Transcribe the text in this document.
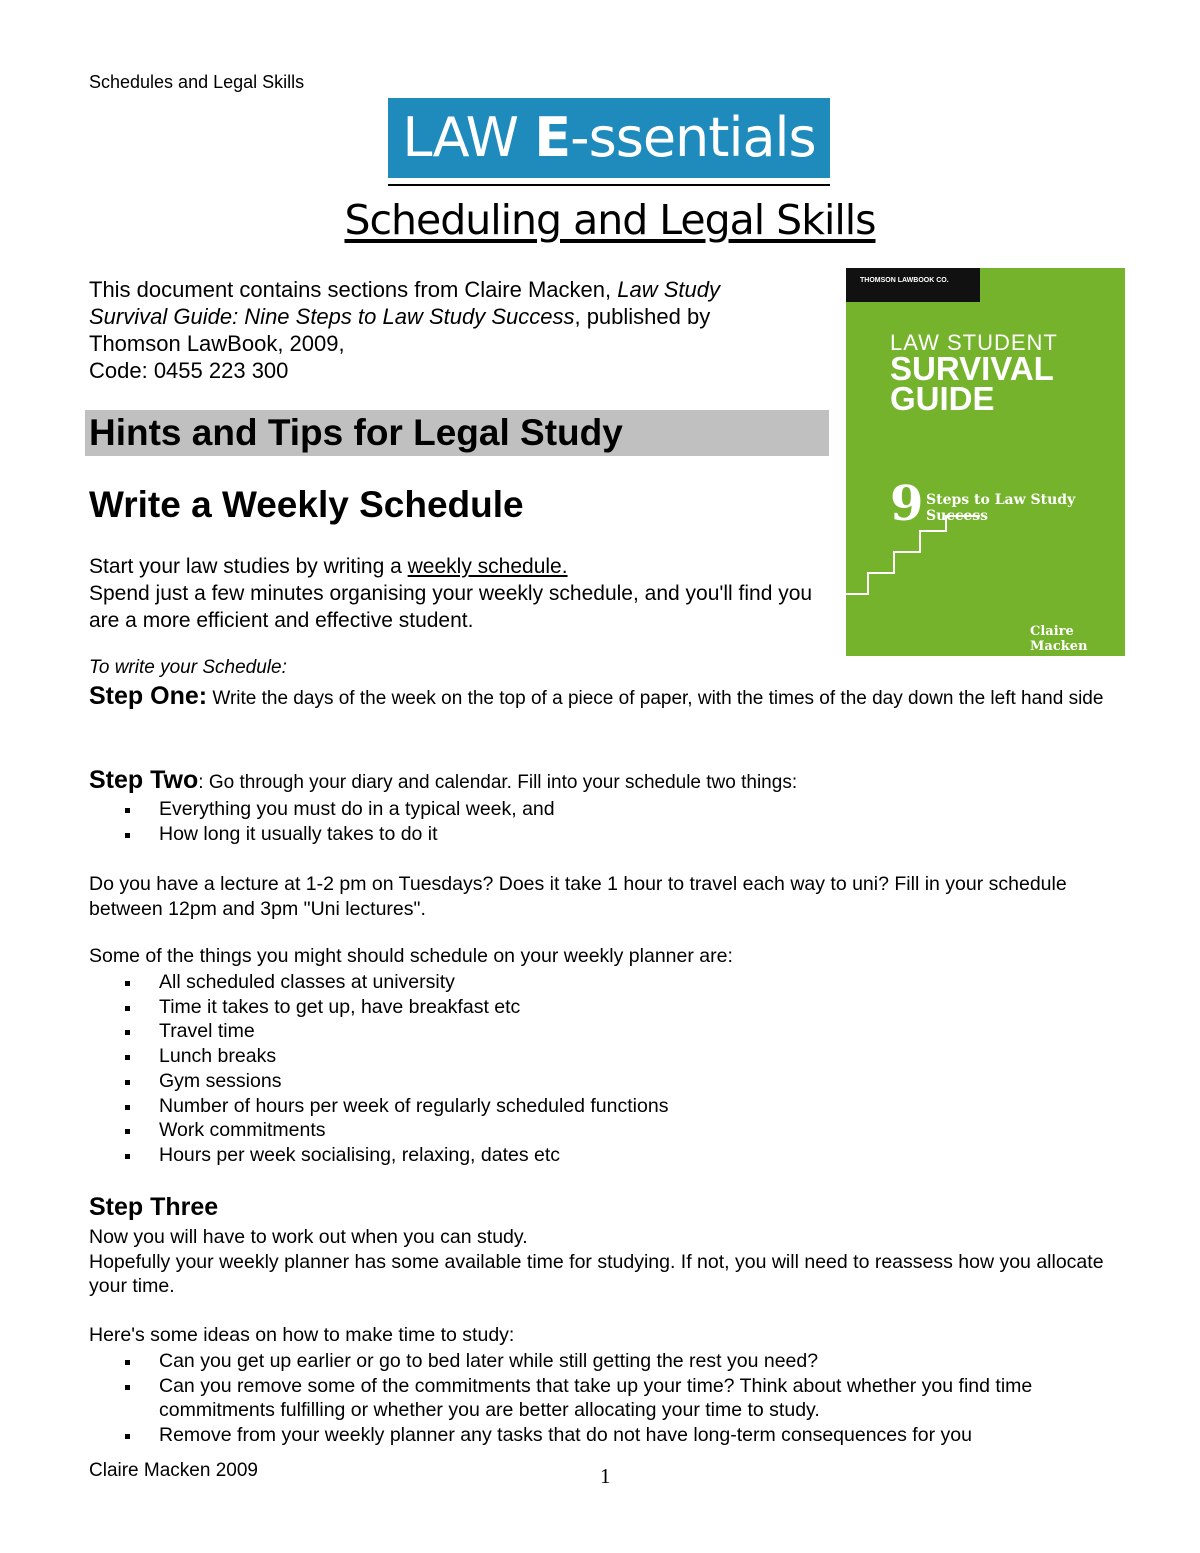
Schedules and Legal Skills
LAW E-ssentials
Scheduling and Legal Skills
This document contains sections from Claire Macken, Law Study Survival Guide: Nine Steps to Law Study Success, published by Thomson LawBook, 2009,
Code: 0455 223 300
THOMSON LAWBOOK CO.
LAW STUDENT
SURVIVAL
GUIDE
9 Steps to Law Study Success
Claire Macken
Hints and Tips for Legal Study
Write a Weekly Schedule
Start your law studies by writing a weekly schedule.
Spend just a few minutes organising your weekly schedule, and you'll find you are a more efficient and effective student.
To write your Schedule:
Step One: Write the days of the week on the top of a piece of paper, with the times of the day down the left hand side
Step Two: Go through your diary and calendar. Fill into your schedule two things:
Everything you must do in a typical week, and
How long it usually takes to do it
Do you have a lecture at 1-2 pm on Tuesdays? Does it take 1 hour to travel each way to uni? Fill in your schedule between 12pm and 3pm "Uni lectures".
Some of the things you might should schedule on your weekly planner are:
All scheduled classes at university
Time it takes to get up, have breakfast etc
Travel time
Lunch breaks
Gym sessions
Number of hours per week of regularly scheduled functions
Work commitments
Hours per week socialising, relaxing, dates etc
Step Three
Now you will have to work out when you can study.
Hopefully your weekly planner has some available time for studying. If not, you will need to reassess how you allocate your time.
Here's some ideas on how to make time to study:
Can you get up earlier or go to bed later while still getting the rest you need?
Can you remove some of the commitments that take up your time? Think about whether you find time commitments fulfilling or whether you are better allocating your time to study.
Remove from your weekly planner any tasks that do not have long-term consequences for you
Claire Macken 2009	1
